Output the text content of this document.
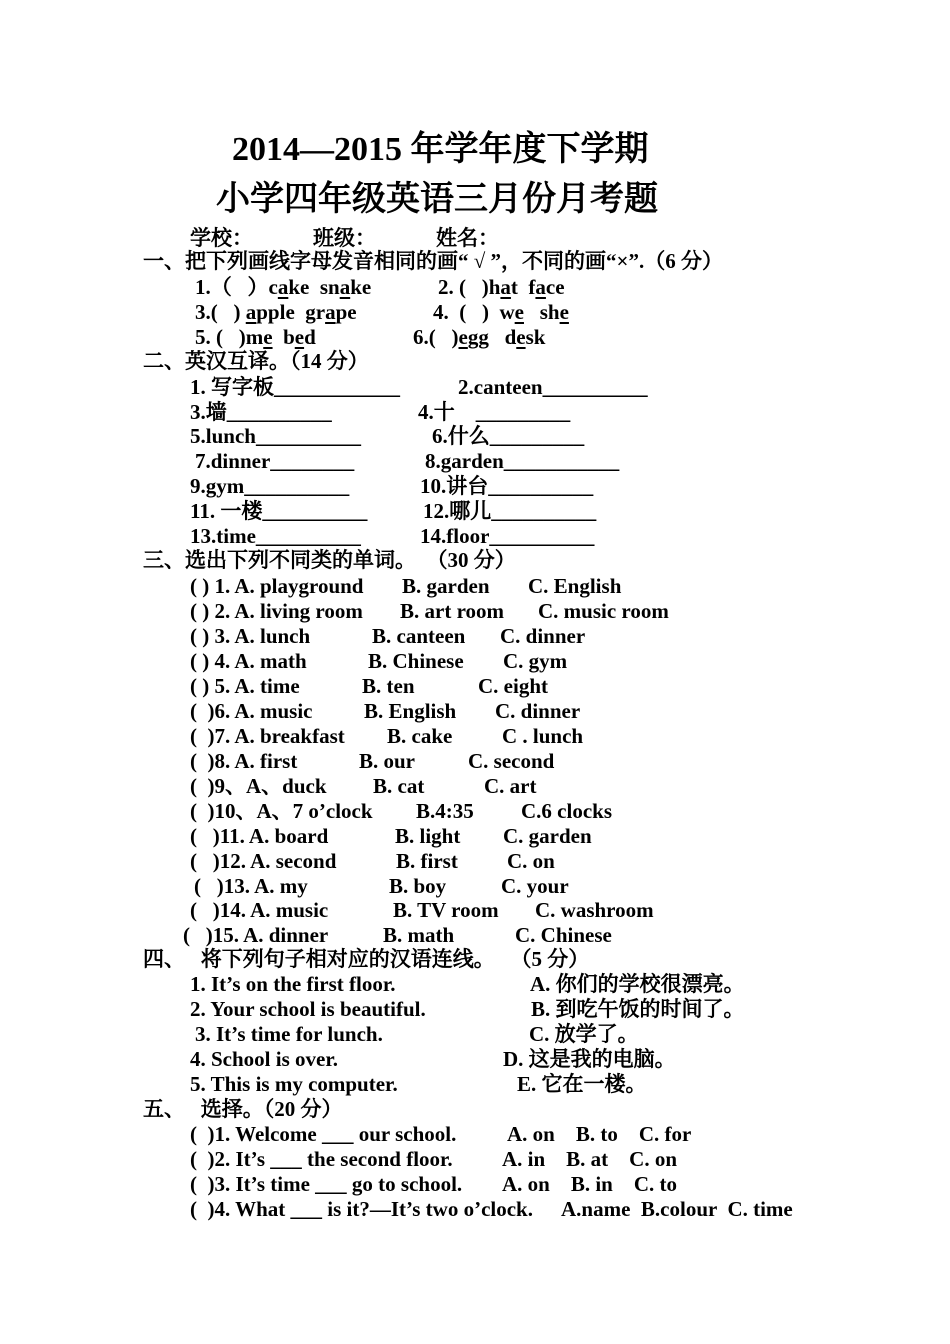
2014—2015 年学年度下学期
小学四年级英语三月份月考题
学校：	班级：	姓名：
一、把下列画线字母发音相同的画“ √ ”，不同的画“×”.（6 分）
1.（   ）cake  snake	2. (   )hat  face
3.(   ) apple  grape	4.  (   )  we   she
5. (   )me  bed	6.(   )egg   desk
二、英汉互译。（14 分）
1. 写字板____________	2.canteen__________
3.墙__________	4.十    _________
5.lunch__________	6.什么_________
7.dinner________	8.garden___________
9.gym__________	10.讲台__________
11. 一楼__________	12.哪儿__________
13.time__________	14.floor__________
三、选出下列不同类的单词。  （30 分）
( ) 1. A. playground B. garden C. English
( ) 2. A. living room B. art room C. music room
( ) 3. A. lunch	B. canteen C. dinner
( ) 4. A. math	B. Chinese C. gym
( ) 5. A. time	B. ten	C. eight
(  )6. A. music B. English C. dinner
(  )7. A. breakfast B. cake C . lunch
(  )8. A. first	B. our	C. second
(  )9、A、duck B. cat	C. art
(  )10、A、7 o’clock B.4:35 C.6 clocks
(   )11. A. board	B. light C. garden
(   )12. A. second	B. first C. on
(   )13. A. my	B. boy	C. your
(   )14. A. music	B. TV room C. washroom
(   )15. A. dinner	B. math	C. Chinese
四、   将下列句子相对应的汉语连线。   （5 分）
1. It’s on the first floor.	A. 你们的学校很漂亮。
2. Your school is beautiful.	B. 到吃午饭的时间了。
3. It’s time for lunch.	C. 放学了。
4. School is over.	D. 这是我的电脑。
5. This is my computer.	E. 它在一楼。
五、   选择。（20 分）
(  )1. Welcome ___ our school. A. on    B. to    C. for
(  )2. It’s ___ the second floor. A. in    B. at    C. on
(  )3. It’s time ___ go to school. A. on    B. in    C. to
(  )4. What ___ is it?—It’s two o’clock. A.name  B.colour  C. time
